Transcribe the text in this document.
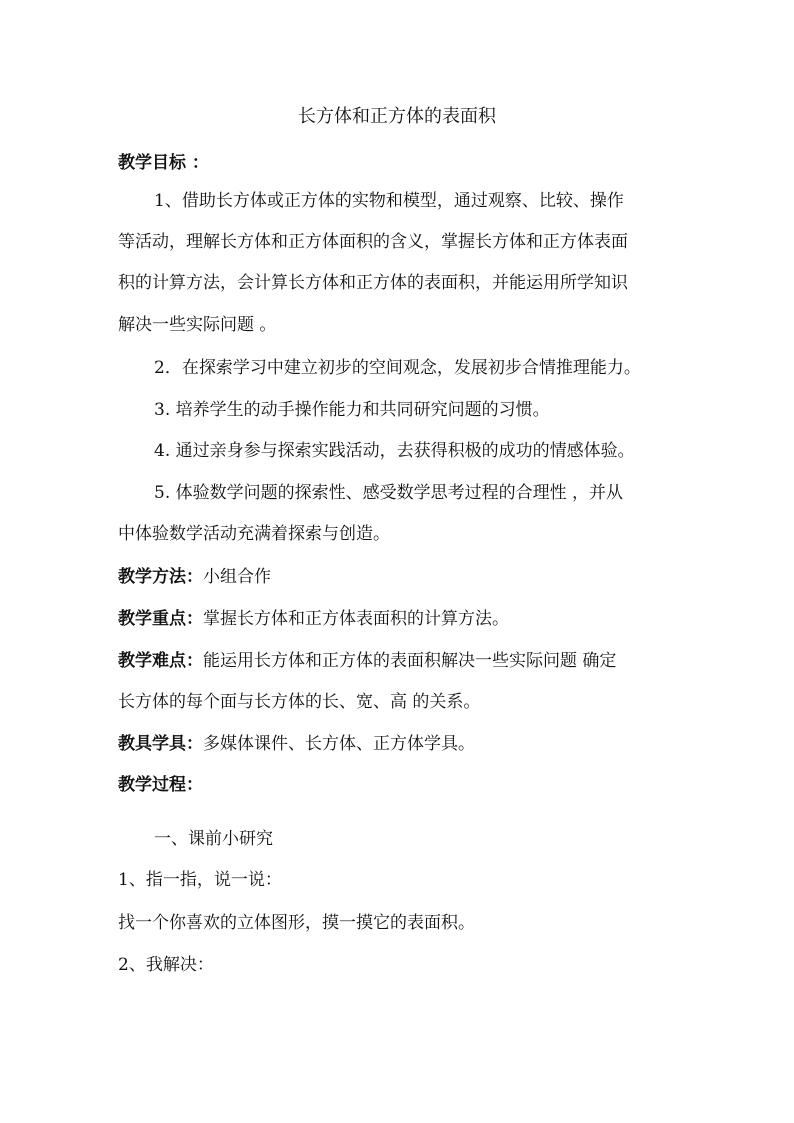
长方体和正方体的表面积
教学目标 ：
1、借助长方体或正方体的实物和模型，通过观察、比较、操作
等活动，理解长方体和正方体面积的含义，掌握长方体和正方体表面
积的计算方法，会计算长方体和正方体的表面积，并能运用所学知识
解决一些实际问题 。
2．在探索学习中建立初步的空间观念，发展初步合情推理能力。
3. 培养学生的动手操作能力和共同研究问题的习惯。
4. 通过亲身参与探索实践活动，去获得积极的成功的情感体验。
5. 体验数学问题的探索性、感受数学思考过程的合理性 ，并从
中体验数学活动充满着探索与创造。
教学方法：小组合作
教学重点：掌握长方体和正方体表面积的计算方法。
教学难点：能运用长方体和正方体的表面积解决一些实际问题 确定
长方体的每个面与长方体的长、宽、高 的关系。
教具学具：多媒体课件、长方体、正方体学具。
教学过程：
一、课前小研究
1、指一指，说一说：
找一个你喜欢的立体图形，摸一摸它的表面积。
2、我解决：
